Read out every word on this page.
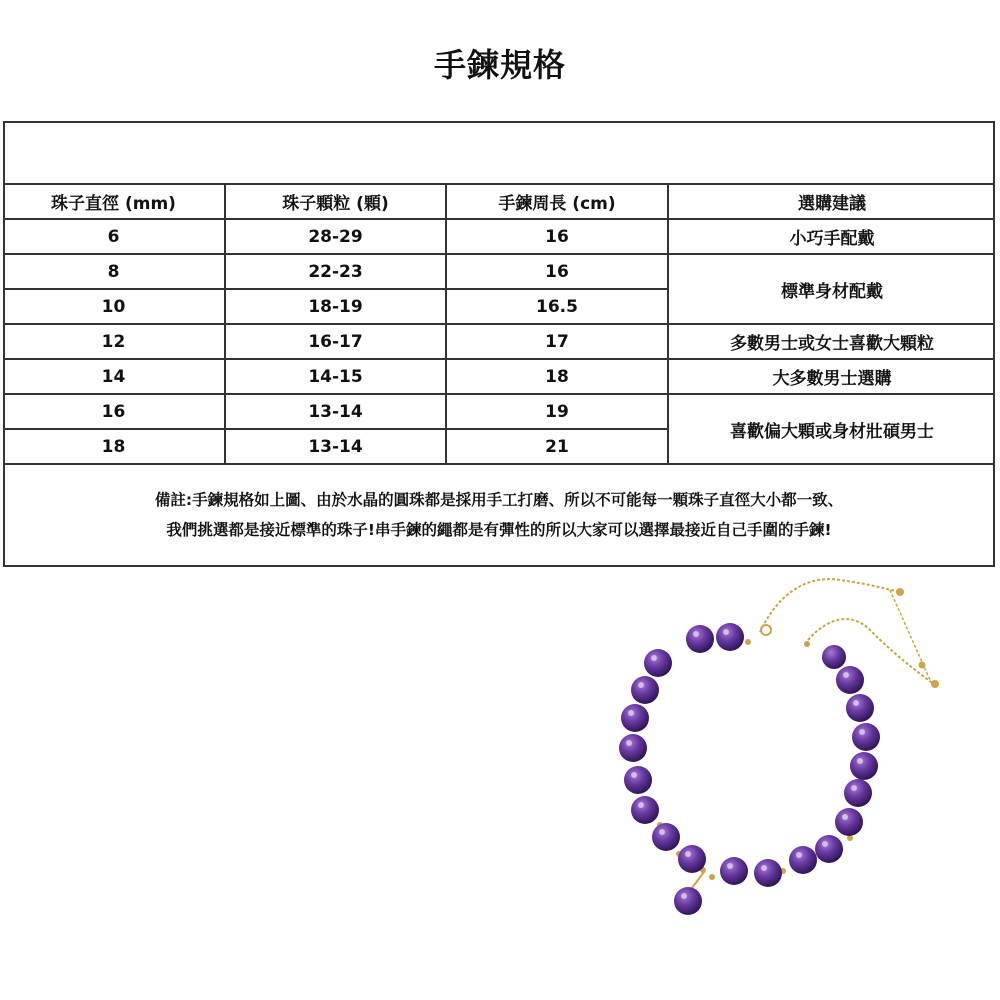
手鍊規格
珠子直徑 (mm)	珠子顆粒 (顆)	手鍊周長 (cm)	選購建議
6	28-29	16	小巧手配戴
8	22-23	16	標準身材配戴
10	18-19	16.5	
12	16-17	17	多數男士或女士喜歡大顆粒
14	14-15	18	大多數男士選購
16	13-14	19	喜歡偏大顆或身材壯碩男士
18	13-14	21	
備註:手鍊規格如上圖、由於水晶的圓珠都是採用手工打磨、所以不可能每一顆珠子直徑大小都一致、
我們挑選都是接近標準的珠子!串手鍊的繩都是有彈性的所以大家可以選擇最接近自己手圍的手鍊!
